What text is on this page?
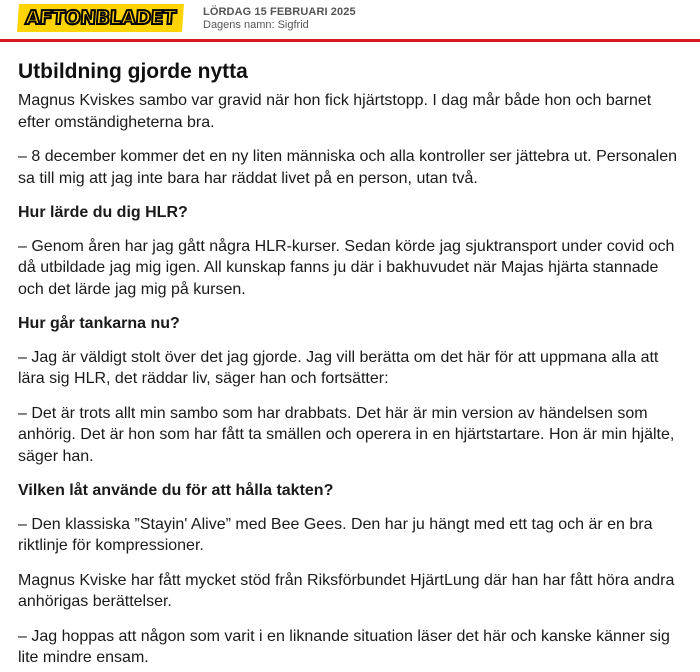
AFTONBLADET LÖRDAG 15 FEBRUARI 2025
Dagens namn: Sigfrid
Utbildning gjorde nytta

Magnus Kviskes sambo var gravid när hon fick hjärtstopp. I dag mår både hon och barnet efter omständigheterna bra.

– 8 december kommer det en ny liten människa och alla kontroller ser jättebra ut. Personalen sa till mig att jag inte bara har räddat livet på en person, utan två.

Hur lärde du dig HLR?

– Genom åren har jag gått några HLR-kurser. Sedan körde jag sjuktransport under covid och då utbildade jag mig igen. All kunskap fanns ju där i bakhuvudet när Majas hjärta stannade och det lärde jag mig på kursen.

Hur går tankarna nu?

– Jag är väldigt stolt över det jag gjorde. Jag vill berätta om det här för att uppmana alla att lära sig HLR, det räddar liv, säger han och fortsätter:

– Det är trots allt min sambo som har drabbats. Det här är min version av händelsen som anhörig. Det är hon som har fått ta smällen och operera in en hjärtstartare. Hon är min hjälte, säger han.

Vilken låt använde du för att hålla takten?

– Den klassiska ”Stayin' Alive” med Bee Gees. Den har ju hängt med ett tag och är en bra riktlinje för kompressioner.

Magnus Kviske har fått mycket stöd från Riksförbundet HjärtLung där han har fått höra andra anhörigas berättelser.

– Jag hoppas att någon som varit i en liknande situation läser det här och kanske känner sig lite mindre ensam.
